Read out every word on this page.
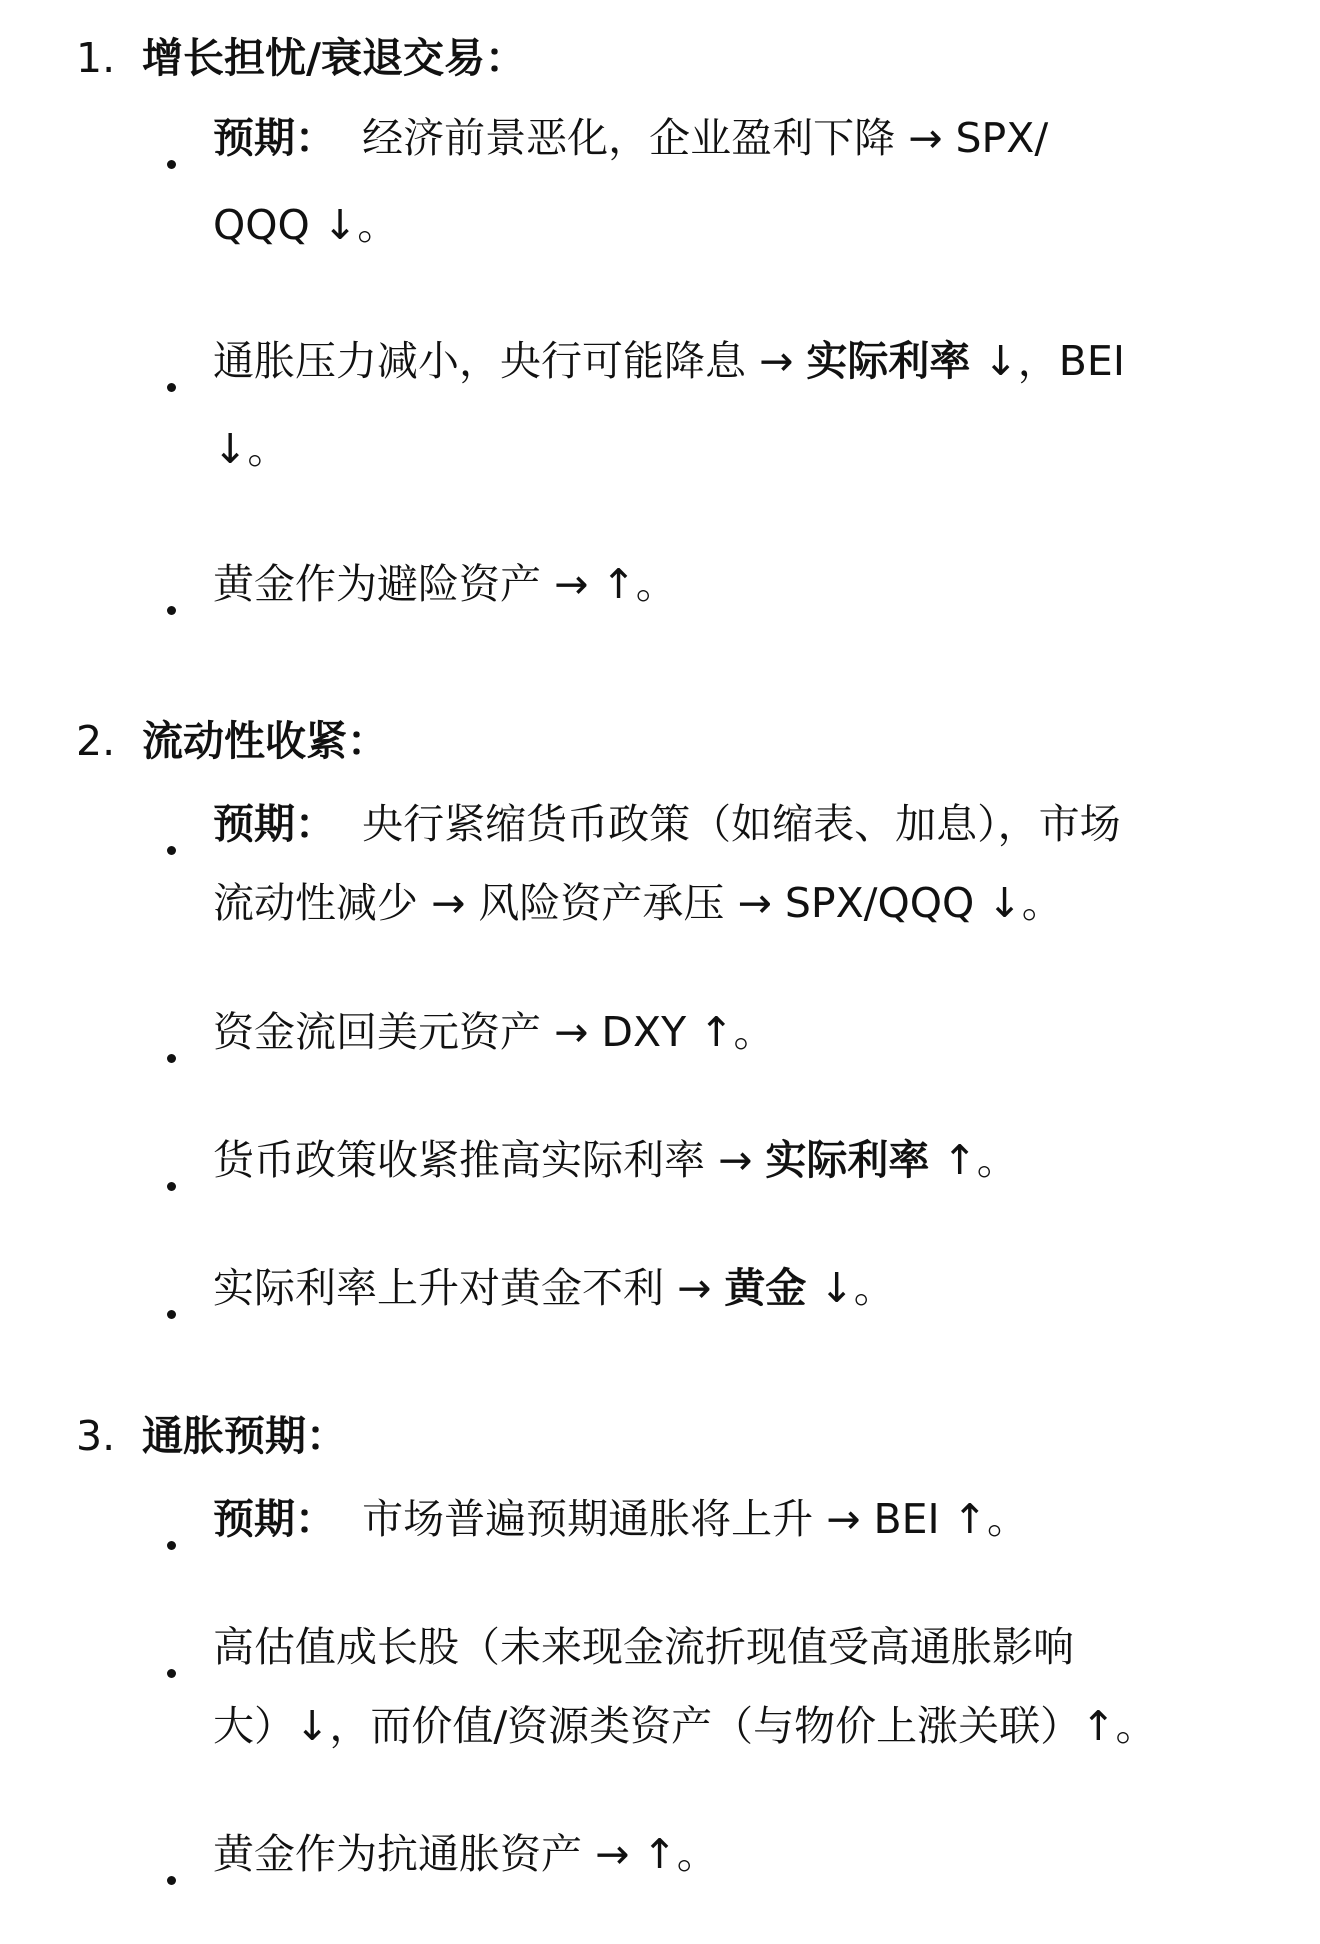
1. 增长担忧/衰退交易：
预期： 经济前景恶化，企业盈利下降 → SPX/
QQQ ↓。
通胀压力减小，央行可能降息 → 实际利率 ↓，BEI
↓。
黄金作为避险资产 → ↑。
2. 流动性收紧：
预期： 央行紧缩货币政策（如缩表、加息），市场
流动性减少 → 风险资产承压 → SPX/QQQ ↓。
资金流回美元资产 → DXY ↑。
货币政策收紧推高实际利率 → 实际利率 ↑。
实际利率上升对黄金不利 → 黄金 ↓。
3. 通胀预期：
预期： 市场普遍预期通胀将上升 → BEI ↑。
高估值成长股（未来现金流折现值受高通胀影响
大）↓，而价值/资源类资产（与物价上涨关联）↑。
黄金作为抗通胀资产 → ↑。
